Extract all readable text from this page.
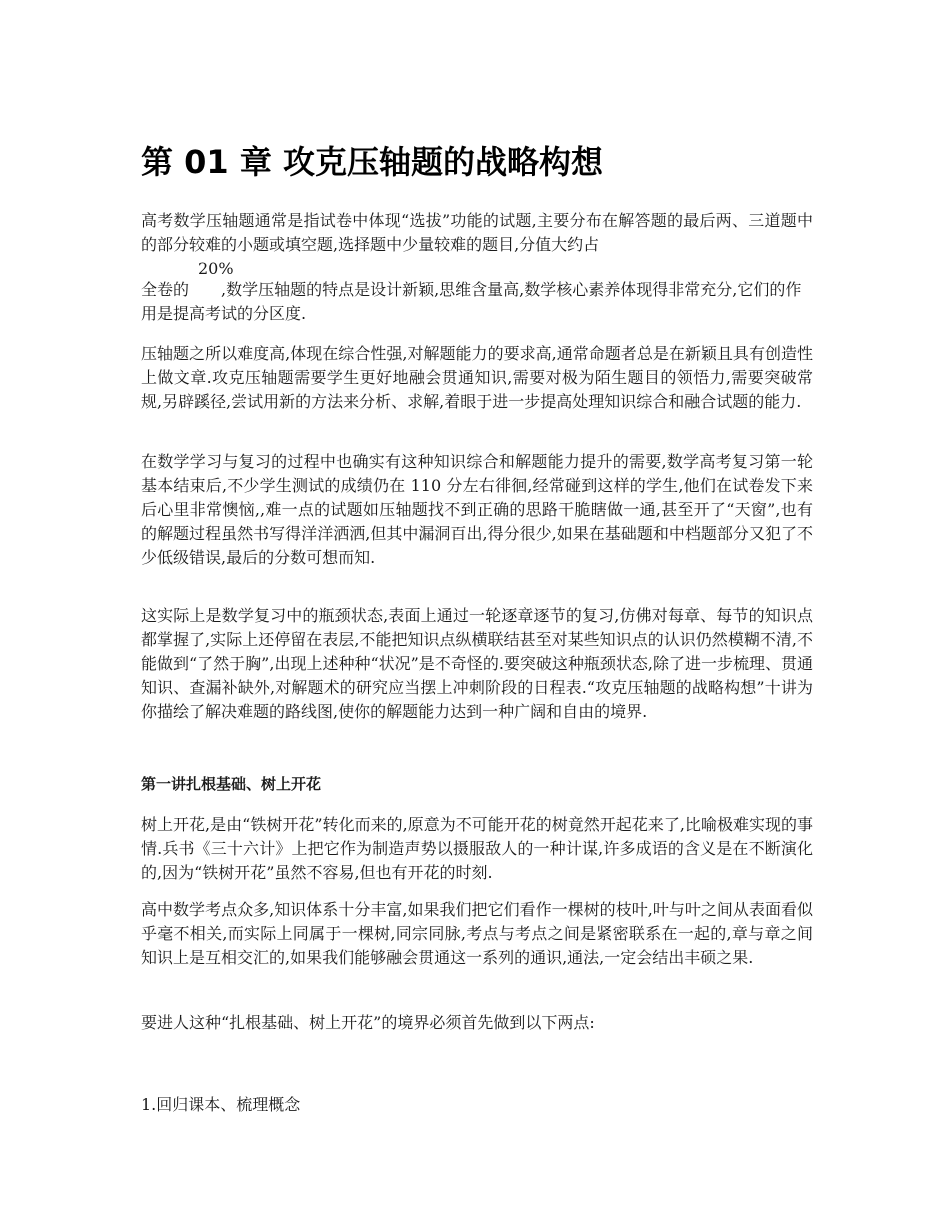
第 01 章 攻克压轴题的战略构想

高考数学压轴题通常是指试卷中体现“选拔”功能的试题,主要分布在解答题的最后两、三道题中的部分较难的小题或填空题,选择题中少量较难的题目,分值大约占

20%
全卷的　　,数学压轴题的特点是设计新颖,思维含量高,数学核心素养体现得非常充分,它们的作用是提高考试的分区度.

压轴题之所以难度高,体现在综合性强,对解题能力的要求高,通常命题者总是在新颖且具有创造性上做文章.攻克压轴题需要学生更好地融会贯通知识,需要对极为陌生题目的领悟力,需要突破常规,另辟蹊径,尝试用新的方法来分析、求解,着眼于进一步提高处理知识综合和融合试题的能力.

在数学学习与复习的过程中也确实有这种知识综合和解题能力提升的需要,数学高考复习第一轮基本结束后,不少学生测试的成绩仍在 110 分左右徘徊,经常碰到这样的学生,他们在试卷发下来后心里非常懊恼,,难一点的试题如压轴题找不到正确的思路干脆瞎做一通,甚至开了“天窗”,也有的解题过程虽然书写得洋洋洒洒,但其中漏洞百出,得分很少,如果在基础题和中档题部分又犯了不少低级错误,最后的分数可想而知.

这实际上是数学复习中的瓶颈状态,表面上通过一轮逐章逐节的复习,仿佛对每章、每节的知识点都掌握了,实际上还停留在表层,不能把知识点纵横联结甚至对某些知识点的认识仍然模糊不清,不能做到“了然于胸”,出现上述种种“状况”是不奇怪的.要突破这种瓶颈状态,除了进一步梳理、贯通知识、查漏补缺外,对解题术的研究应当摆上冲刺阶段的日程表.“攻克压轴题的战略构想”十讲为你描绘了解决难题的路线图,使你的解题能力达到一种广阔和自由的境界.

第一讲扎根基础、树上开花

树上开花,是由“铁树开花”转化而来的,原意为不可能开花的树竟然开起花来了,比喻极难实现的事情.兵书《三十六计》上把它作为制造声势以摄服敌人的一种计谋,许多成语的含义是在不断演化的,因为“铁树开花”虽然不容易,但也有开花的时刻.

高中数学考点众多,知识体系十分丰富,如果我们把它们看作一棵树的枝叶,叶与叶之间从表面看似乎毫不相关,而实际上同属于一棵树,同宗同脉,考点与考点之间是紧密联系在一起的,章与章之间知识上是互相交汇的,如果我们能够融会贯通这一系列的通识,通法,一定会结出丰硕之果.

要进人这种“扎根基础、树上开花”的境界必须首先做到以下两点:

1.回归课本、梳理概念
